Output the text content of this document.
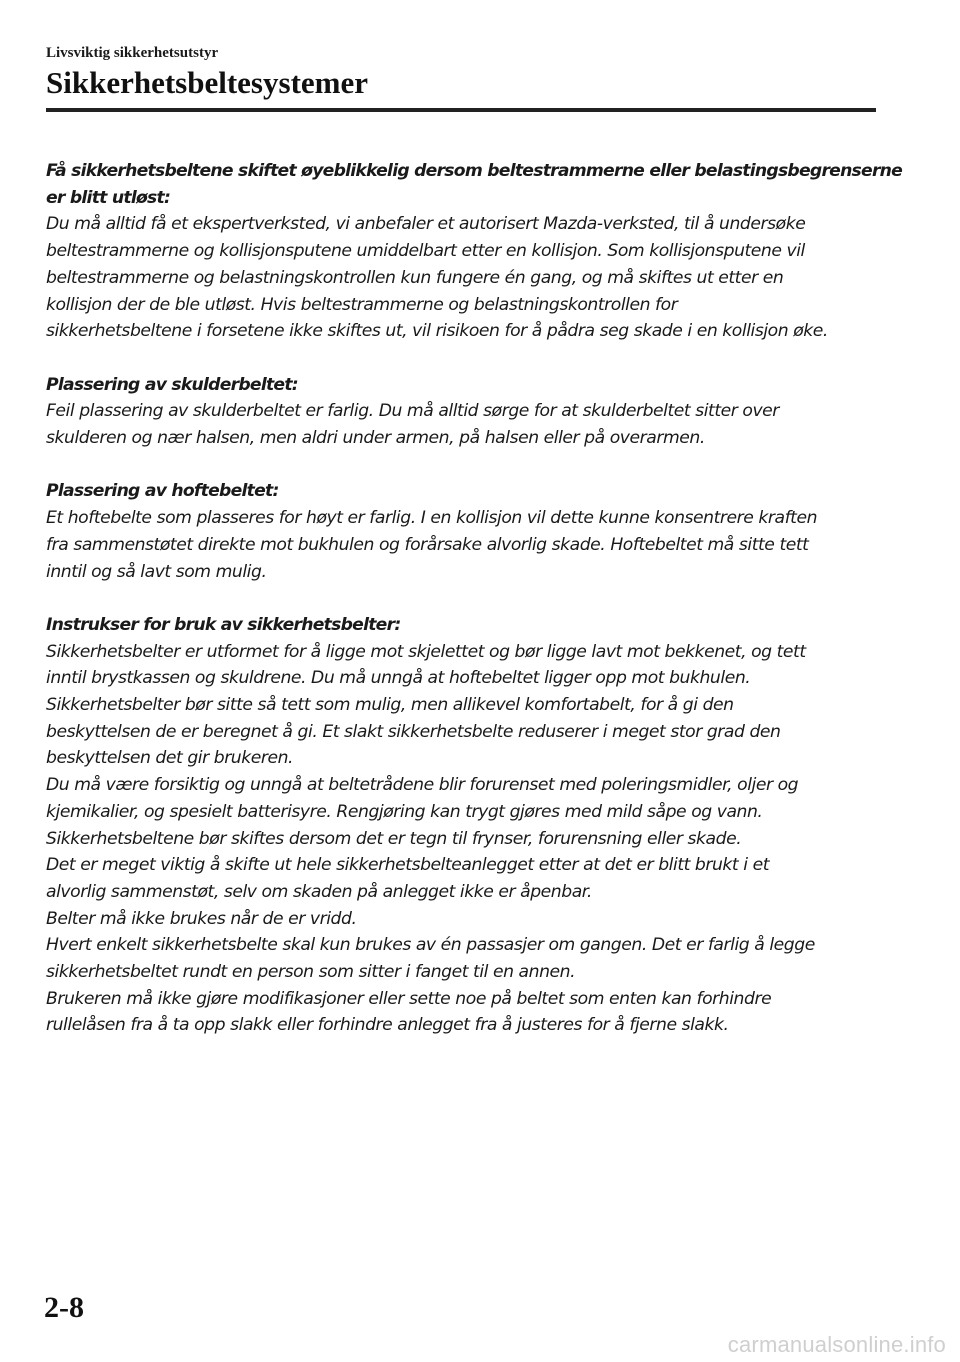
Livsviktig sikkerhetsutstyr
Sikkerhetsbeltesystemer
Få sikkerhetsbeltene skiftet øyeblikkelig dersom beltestrammerne eller belastingsbegrenserne
er blitt utløst:
Du må alltid få et ekspertverksted, vi anbefaler et autorisert Mazda-verksted, til å undersøke
beltestrammerne og kollisjonsputene umiddelbart etter en kollisjon. Som kollisjonsputene vil
beltestrammerne og belastningskontrollen kun fungere én gang, og må skiftes ut etter en
kollisjon der de ble utløst. Hvis beltestrammerne og belastningskontrollen for
sikkerhetsbeltene i forsetene ikke skiftes ut, vil risikoen for å pådra seg skade i en kollisjon øke.
Plassering av skulderbeltet:
Feil plassering av skulderbeltet er farlig. Du må alltid sørge for at skulderbeltet sitter over
skulderen og nær halsen, men aldri under armen, på halsen eller på overarmen.
Plassering av hoftebeltet:
Et hoftebelte som plasseres for høyt er farlig. I en kollisjon vil dette kunne konsentrere kraften
fra sammenstøtet direkte mot bukhulen og forårsake alvorlig skade. Hoftebeltet må sitte tett
inntil og så lavt som mulig.
Instrukser for bruk av sikkerhetsbelter:
Sikkerhetsbelter er utformet for å ligge mot skjelettet og bør ligge lavt mot bekkenet, og tett
inntil brystkassen og skuldrene. Du må unngå at hoftebeltet ligger opp mot bukhulen.
Sikkerhetsbelter bør sitte så tett som mulig, men allikevel komfortabelt, for å gi den
beskyttelsen de er beregnet å gi. Et slakt sikkerhetsbelte reduserer i meget stor grad den
beskyttelsen det gir brukeren.
Du må være forsiktig og unngå at beltetrådene blir forurenset med poleringsmidler, oljer og
kjemikalier, og spesielt batterisyre. Rengjøring kan trygt gjøres med mild såpe og vann.
Sikkerhetsbeltene bør skiftes dersom det er tegn til frynser, forurensning eller skade.
Det er meget viktig å skifte ut hele sikkerhetsbelteanlegget etter at det er blitt brukt i et
alvorlig sammenstøt, selv om skaden på anlegget ikke er åpenbar.
Belter må ikke brukes når de er vridd.
Hvert enkelt sikkerhetsbelte skal kun brukes av én passasjer om gangen. Det er farlig å legge
sikkerhetsbeltet rundt en person som sitter i fanget til en annen.
Brukeren må ikke gjøre modifikasjoner eller sette noe på beltet som enten kan forhindre
rullelåsen fra å ta opp slakk eller forhindre anlegget fra å justeres for å fjerne slakk.
2-8
carmanualsonline.info
